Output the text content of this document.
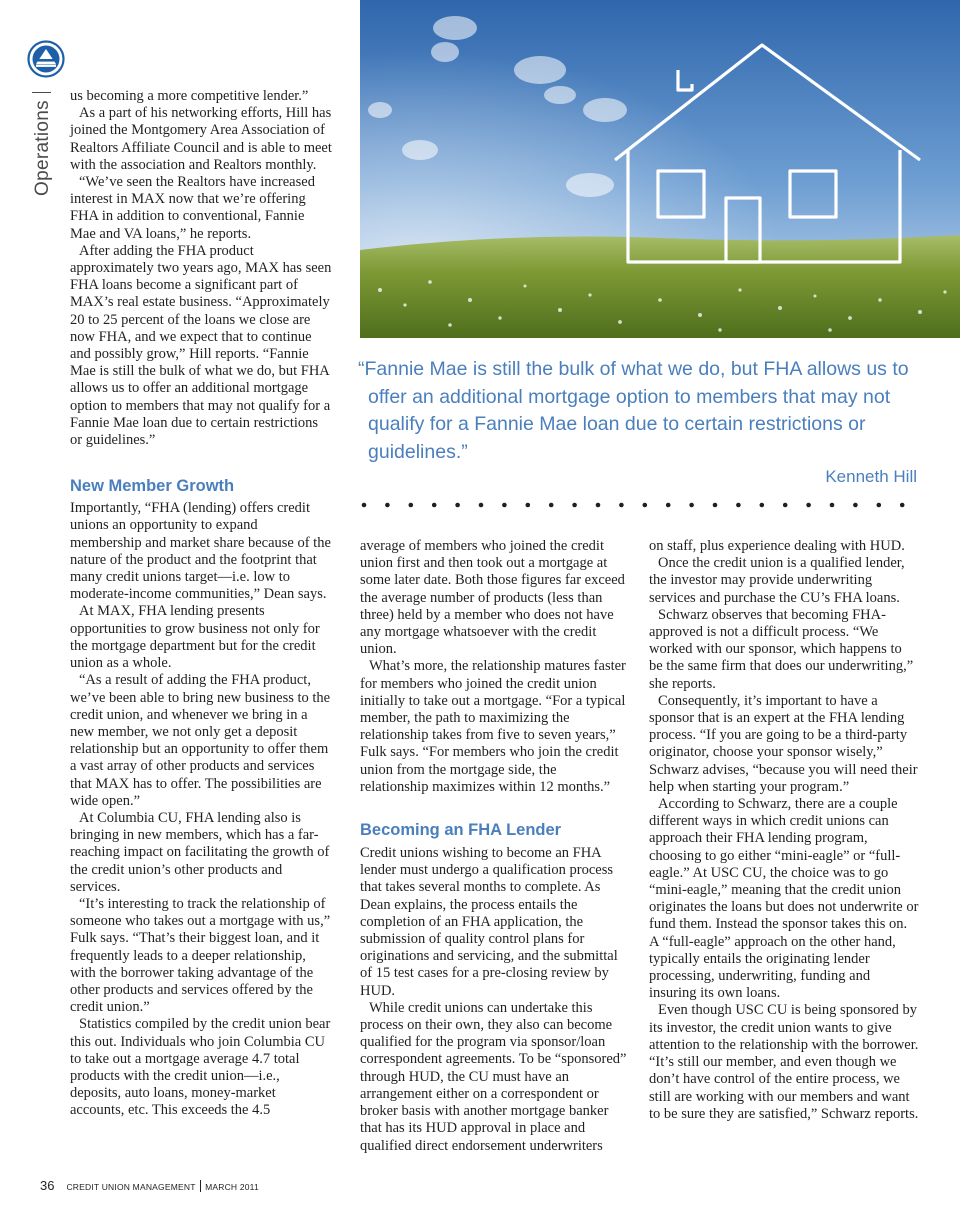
Operations

us becoming a more competitive lender.”

As a part of his networking efforts, Hill has joined the Montgomery Area Association of Realtors Affiliate Council and is able to meet with the association and Realtors monthly.

“We’ve seen the Realtors have increased interest in MAX now that we’re offering FHA in addition to conventional, Fannie Mae and VA loans,” he reports.

After adding the FHA product approximately two years ago, MAX has seen FHA loans become a significant part of MAX’s real estate business. “Approximately 20 to 25 percent of the loans we close are now FHA, and we expect that to continue and possibly grow,” Hill reports. “Fannie Mae is still the bulk of what we do, but FHA allows us to offer an additional mortgage option to members that may not qualify for a Fannie Mae loan due to certain restrictions or guidelines.”

New Member Growth

Importantly, “FHA (lending) offers credit unions an opportunity to expand membership and market share because of the nature of the product and the footprint that many credit unions target—i.e. low to moderate-income communities,” Dean says.

At MAX, FHA lending presents opportunities to grow business not only for the mortgage department but for the credit union as a whole.

“As a result of adding the FHA product, we’ve been able to bring new business to the credit union, and whenever we bring in a new member, we not only get a deposit relationship but an opportunity to offer them a vast array of other products and services that MAX has to offer. The possibilities are wide open.”

At Columbia CU, FHA lending also is bringing in new members, which has a far-reaching impact on facilitating the growth of the credit union’s other products and services.

“It’s interesting to track the relationship of someone who takes out a mortgage with us,” Fulk says. “That’s their biggest loan, and it frequently leads to a deeper relationship, with the borrower taking advantage of the other products and services offered by the credit union.”

Statistics compiled by the credit union bear this out. Individuals who join Columbia CU to take out a mortgage average 4.7 total products with the credit union—i.e., deposits, auto loans, money-market accounts, etc. This exceeds the 4.5

“Fannie Mae is still the bulk of what we do, but FHA allows us to offer an additional mortgage option to members that may not qualify for a Fannie Mae loan due to certain restrictions or guidelines.”
Kenneth Hill

average of members who joined the credit union first and then took out a mortgage at some later date. Both those figures far exceed the average number of products (less than three) held by a member who does not have any mortgage whatsoever with the credit union.

What’s more, the relationship matures faster for members who joined the credit union initially to take out a mortgage. “For a typical member, the path to maximizing the relationship takes from five to seven years,” Fulk says. “For members who join the credit union from the mortgage side, the relationship maximizes within 12 months.”

Becoming an FHA Lender

Credit unions wishing to become an FHA lender must undergo a qualification process that takes several months to complete. As Dean explains, the process entails the completion of an FHA application, the submission of quality control plans for originations and servicing, and the submittal of 15 test cases for a pre-closing review by HUD.

While credit unions can undertake this process on their own, they also can become qualified for the program via sponsor/loan correspondent agreements. To be “sponsored” through HUD, the CU must have an arrangement either on a correspondent or broker basis with another mortgage banker that has its HUD approval in place and qualified direct endorsement underwriters

on staff, plus experience dealing with HUD.

Once the credit union is a qualified lender, the investor may provide underwriting services and purchase the CU’s FHA loans.

Schwarz observes that becoming FHA-approved is not a difficult process. “We worked with our sponsor, which happens to be the same firm that does our underwriting,” she reports.

Consequently, it’s important to have a sponsor that is an expert at the FHA lending process. “If you are going to be a third-party originator, choose your sponsor wisely,” Schwarz advises, “because you will need their help when starting your program.”

According to Schwarz, there are a couple different ways in which credit unions can approach their FHA lending program, choosing to go either “mini-eagle” or “full-eagle.” At USC CU, the choice was to go “mini-eagle,” meaning that the credit union originates the loans but does not underwrite or fund them. Instead the sponsor takes this on. A “full-eagle” approach on the other hand, typically entails the originating lender processing, underwriting, funding and insuring its own loans.

Even though USC CU is being sponsored by its investor, the credit union wants to give attention to the relationship with the borrower. “It’s still our member, and even though we don’t have control of the entire process, we still are working with our members and want to be sure they are satisfied,” Schwarz reports.

36 CREDIT UNION MANAGEMENT MARCH 2011
